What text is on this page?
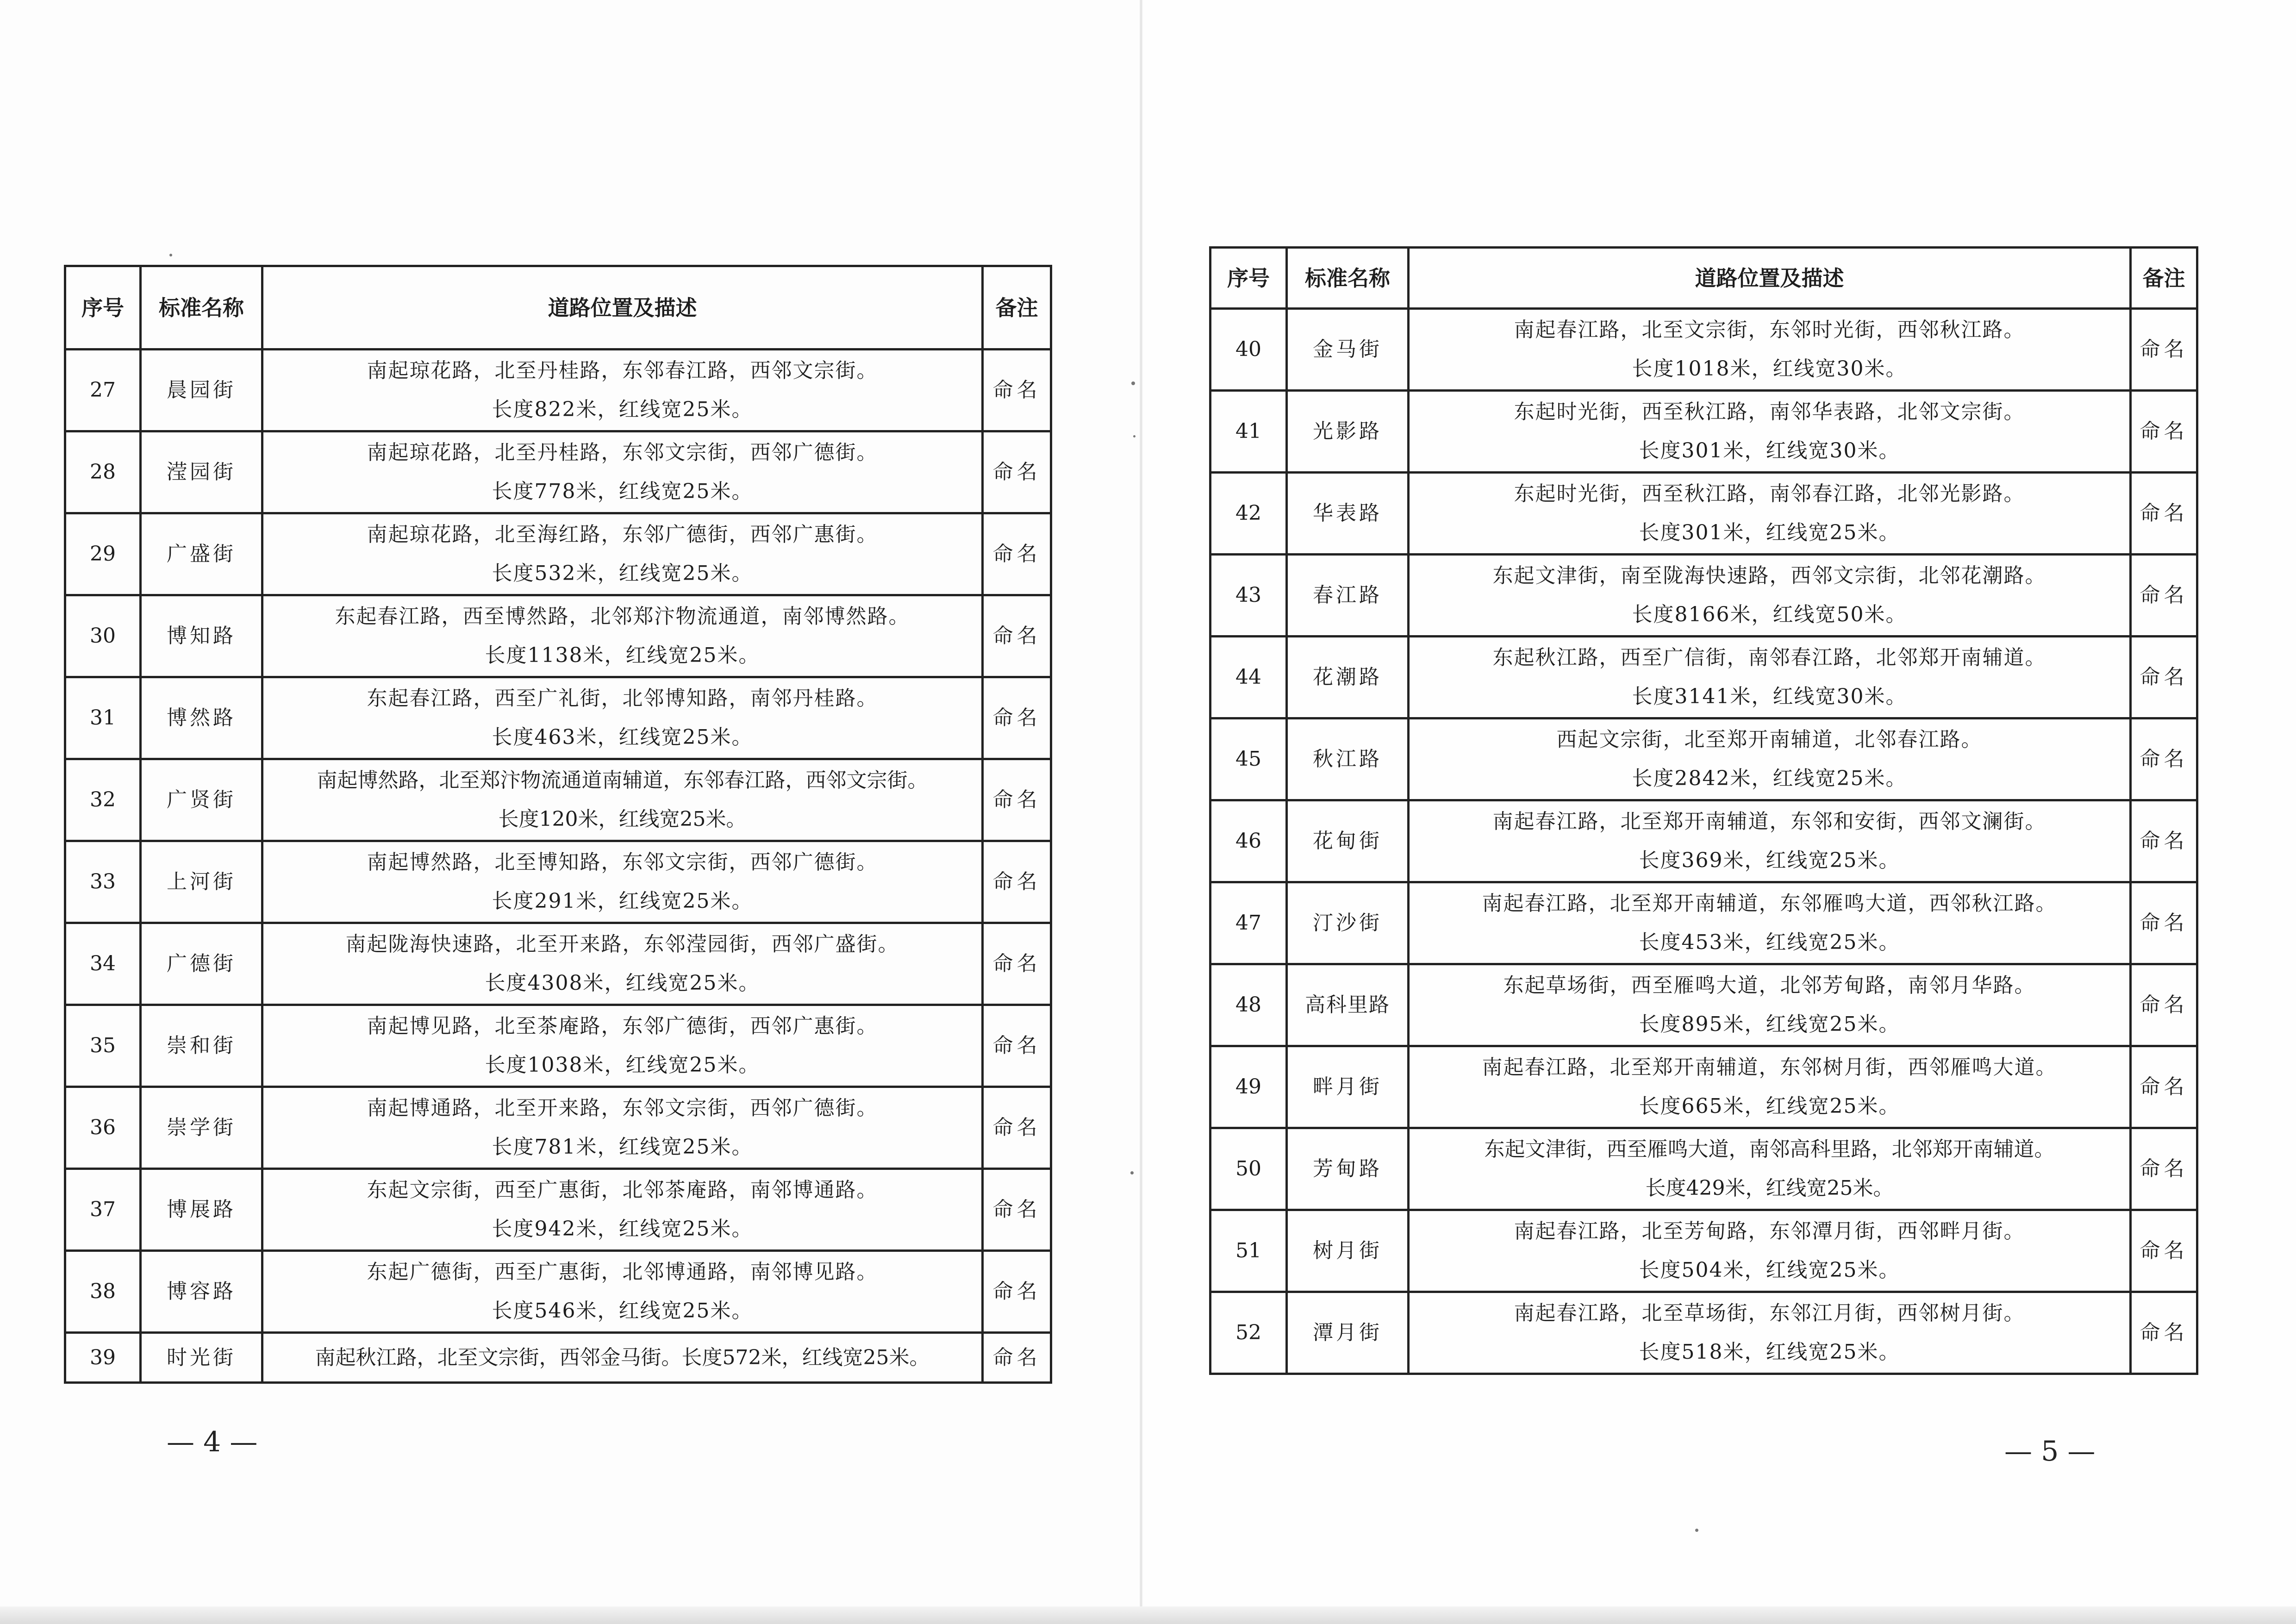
序号	标准名称	道路位置及描述	备注
27	晨园街	南起琼花路，北至丹桂路，东邻春江路，西邻文宗街。
长度822米，红线宽25米。	命名
28	滢园街	南起琼花路，北至丹桂路，东邻文宗街，西邻广德街。
长度778米，红线宽25米。	命名
29	广盛街	南起琼花路，北至海红路，东邻广德街，西邻广惠街。
长度532米，红线宽25米。	命名
30	博知路	东起春江路，西至博然路，北邻郑汴物流通道，南邻博然路。
长度1138米，红线宽25米。	命名
31	博然路	东起春江路，西至广礼街，北邻博知路，南邻丹桂路。
长度463米，红线宽25米。	命名
32	广贤街	南起博然路，北至郑汴物流通道南辅道，东邻春江路，西邻文宗街。
长度120米，红线宽25米。	命名
33	上河街	南起博然路，北至博知路，东邻文宗街，西邻广德街。
长度291米，红线宽25米。	命名
34	广德街	南起陇海快速路，北至开来路，东邻滢园街，西邻广盛街。
长度4308米，红线宽25米。	命名
35	崇和街	南起博见路，北至茶庵路，东邻广德街，西邻广惠街。
长度1038米，红线宽25米。	命名
36	崇学街	南起博通路，北至开来路，东邻文宗街，西邻广德街。
长度781米，红线宽25米。	命名
37	博展路	东起文宗街，西至广惠街，北邻茶庵路，南邻博通路。
长度942米，红线宽25米。	命名
38	博容路	东起广德街，西至广惠街，北邻博通路，南邻博见路。
长度546米，红线宽25米。	命名
39	时光街	南起秋江路，北至文宗街，西邻金马街。长度572米，红线宽25米。	命名
序号	标准名称	道路位置及描述	备注
40	金马街	南起春江路，北至文宗街，东邻时光街，西邻秋江路。
长度1018米，红线宽30米。	命名
41	光影路	东起时光街，西至秋江路，南邻华表路，北邻文宗街。
长度301米，红线宽30米。	命名
42	华表路	东起时光街，西至秋江路，南邻春江路，北邻光影路。
长度301米，红线宽25米。	命名
43	春江路	东起文津街，南至陇海快速路，西邻文宗街，北邻花潮路。
长度8166米，红线宽50米。	命名
44	花潮路	东起秋江路，西至广信街，南邻春江路，北邻郑开南辅道。
长度3141米，红线宽30米。	命名
45	秋江路	西起文宗街，北至郑开南辅道，北邻春江路。
长度2842米，红线宽25米。	命名
46	花甸街	南起春江路，北至郑开南辅道，东邻和安街，西邻文澜街。
长度369米，红线宽25米。	命名
47	汀沙街	南起春江路，北至郑开南辅道，东邻雁鸣大道，西邻秋江路。
长度453米，红线宽25米。	命名
48	高科里路	东起草场街，西至雁鸣大道，北邻芳甸路，南邻月华路。
长度895米，红线宽25米。	命名
49	畔月街	南起春江路，北至郑开南辅道，东邻树月街，西邻雁鸣大道。
长度665米，红线宽25米。	命名
50	芳甸路	东起文津街，西至雁鸣大道，南邻高科里路，北邻郑开南辅道。
长度429米，红线宽25米。	命名
51	树月街	南起春江路，北至芳甸路，东邻潭月街，西邻畔月街。
长度504米，红线宽25米。	命名
52	潭月街	南起春江路，北至草场街，东邻江月街，西邻树月街。
长度518米，红线宽25米。	命名
— 4 —	— 5 —
